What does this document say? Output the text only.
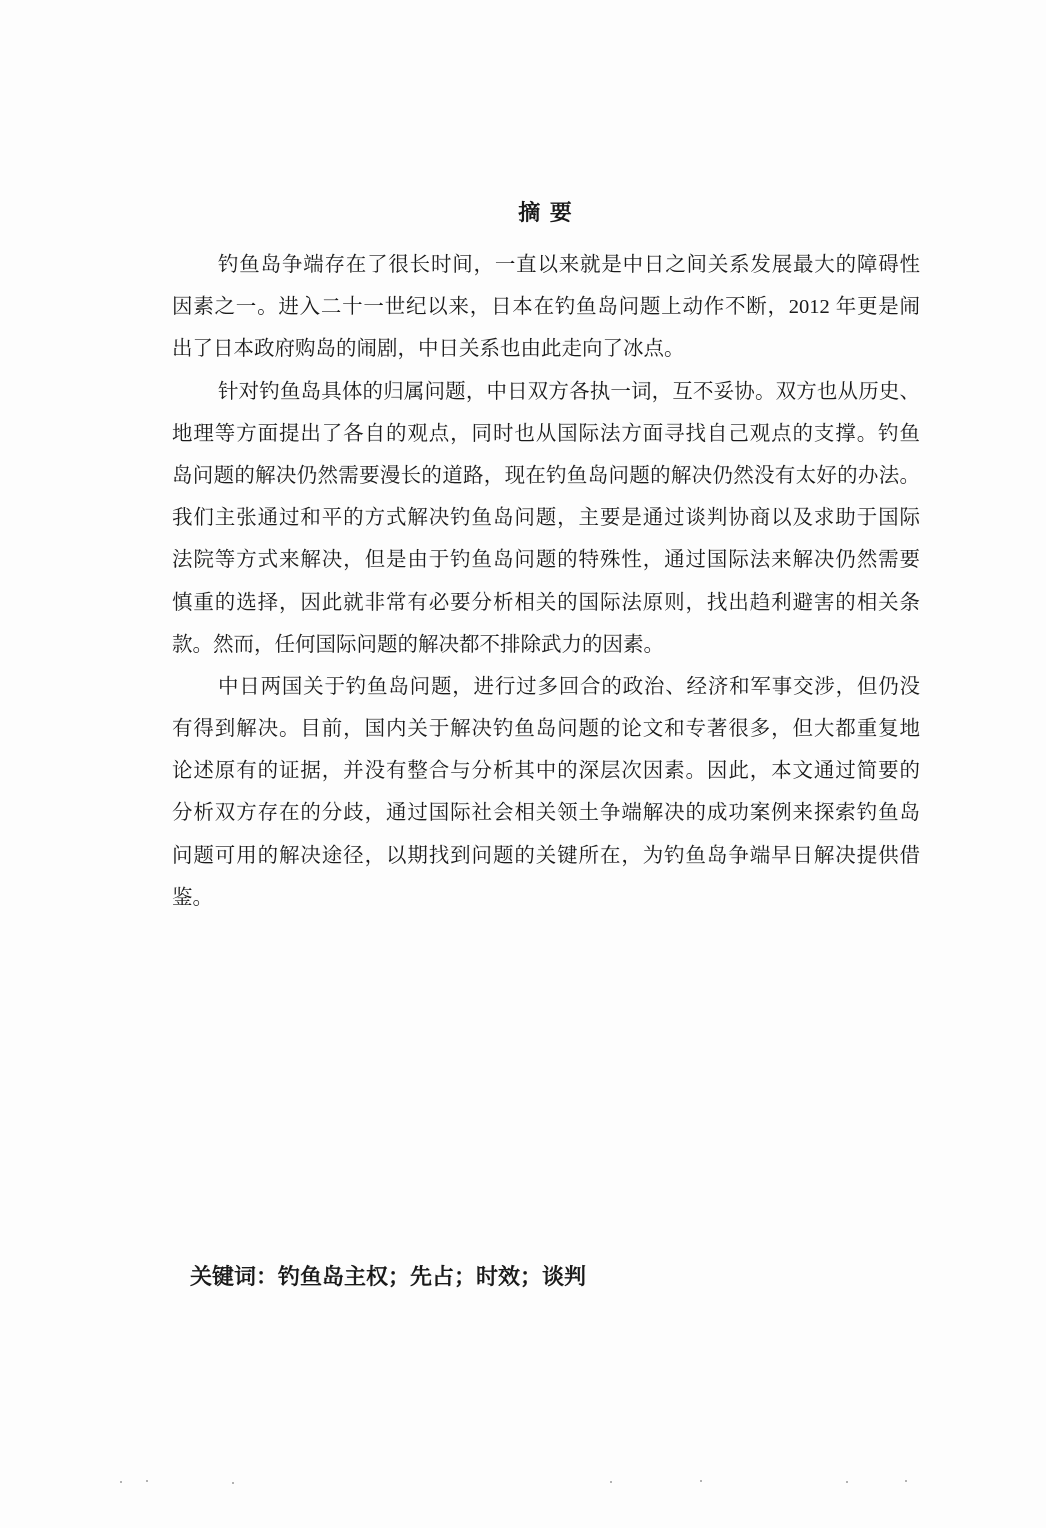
摘 要
钓鱼岛争端存在了很长时间，一直以来就是中日之间关系发展最大的障碍性
因素之一。进入二十一世纪以来，日本在钓鱼岛问题上动作不断，2012 年更是闹
出了日本政府购岛的闹剧，中日关系也由此走向了冰点。
针对钓鱼岛具体的归属问题，中日双方各执一词，互不妥协。双方也从历史、
地理等方面提出了各自的观点，同时也从国际法方面寻找自己观点的支撑。钓鱼
岛问题的解决仍然需要漫长的道路，现在钓鱼岛问题的解决仍然没有太好的办法。
我们主张通过和平的方式解决钓鱼岛问题，主要是通过谈判协商以及求助于国际
法院等方式来解决，但是由于钓鱼岛问题的特殊性，通过国际法来解决仍然需要
慎重的选择，因此就非常有必要分析相关的国际法原则，找出趋利避害的相关条
款。然而，任何国际问题的解决都不排除武力的因素。
中日两国关于钓鱼岛问题，进行过多回合的政治、经济和军事交涉，但仍没
有得到解决。目前，国内关于解决钓鱼岛问题的论文和专著很多，但大都重复地
论述原有的证据，并没有整合与分析其中的深层次因素。因此，本文通过简要的
分析双方存在的分歧，通过国际社会相关领土争端解决的成功案例来探索钓鱼岛
问题可用的解决途径，以期找到问题的关键所在，为钓鱼岛争端早日解决提供借
鉴。
关键词：钓鱼岛主权；先占；时效；谈判
